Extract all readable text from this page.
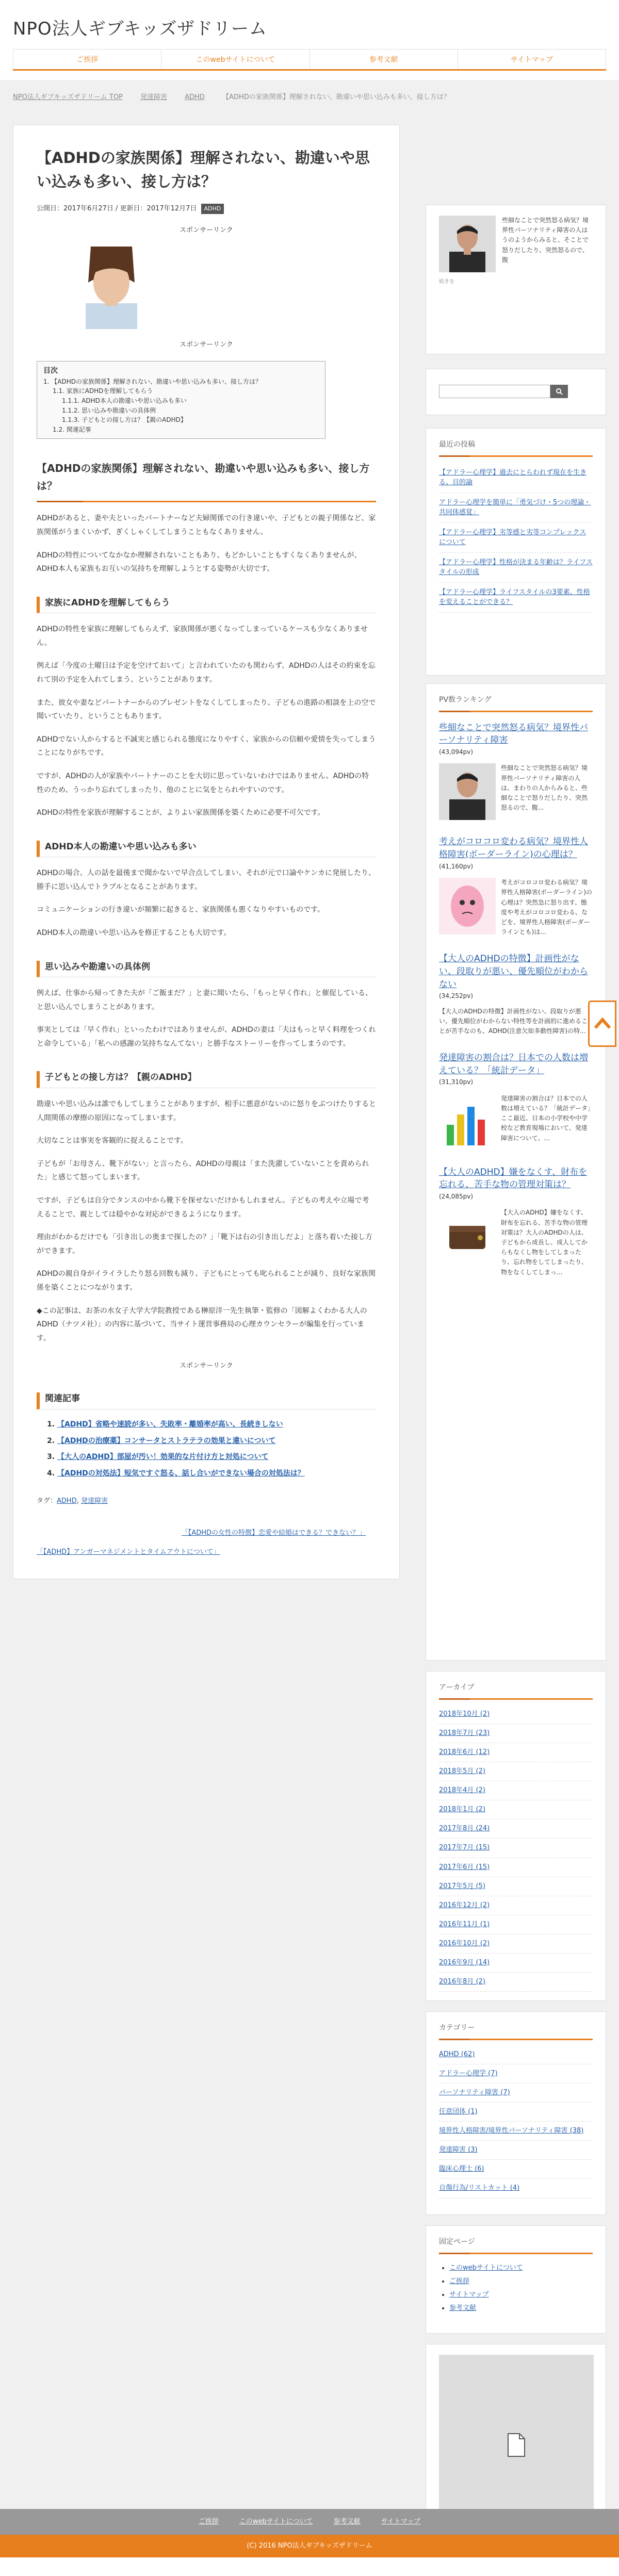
NPO法人ギブキッズザドリーム
ご挨拶	このwebサイトについて	参考文献	サイトマップ
NPO法人ギブキッズザドリーム TOP	発達障害	ADHD	【ADHDの家族関係】理解されない、勘違いや思い込みも多い、接し方は？
【ADHDの家族関係】理解されない、勘違いや思い込みも多い、接し方は？
公開日：2017年6月27日 / 更新日：2017年12月7日 ADHD
スポンサーリンク
スポンサーリンク
目次
1. 【ADHDの家族関係】理解されない、勘違いや思い込みも多い、接し方は？
1.1. 家族にADHDを理解してもらう
1.1.1. ADHD本人の勘違いや思い込みも多い
1.1.2. 思い込みや勘違いの具体例
1.1.3. 子どもとの接し方は？【親のADHD】
1.2. 関連記事
【ADHDの家族関係】理解されない、勘違いや思い込みも多い、接し方は？

ADHDがあると、妻や夫といったパートナーなど夫婦関係での行き違いや、子どもとの親子関係など、家族関係がうまくいかず、ぎくしゃくしてしまうこともなくありません。

ADHDの特性についてなかなか理解されないこともあり、もどかしいこともすくなくありませんが、ADHD本人も家族もお互いの気持ちを理解しようとする姿勢が大切です。

家族にADHDを理解してもらう

ADHDの特性を家族に理解してもらえず、家族関係が悪くなってしまっているケースも少なくありません。

例えば「今度の土曜日は予定を空けておいて」と言われていたのも関わらず、ADHDの人はその約束を忘れて別の予定を入れてしまう、ということがあります。

また、彼女や妻などパートナーからのプレゼントをなくしてしまったり、子どもの進路の相談を上の空で聞いていたり、ということもあります。

ADHDでない人からすると不誠実と感じられる態度になりやすく、家族からの信頼や愛情を失ってしまうことになりがちです。

ですが、ADHDの人が家族やパートナーのことを大切に思っていないわけではありません。ADHDの特性のため、うっかり忘れてしまったり、他のことに気をとられやすいのです。

ADHDの特性を家族が理解することが、よりよい家族関係を築くために必要不可欠です。

ADHD本人の勘違いや思い込みも多い

ADHDの場合、人の話を最後まで聞かないで早合点してしまい、それが元で口論やケンカに発展したり、勝手に思い込んでトラブルとなることがあります。

コミュニケーションの行き違いが頻繁に起きると、家族関係も悪くなりやすいものです。

ADHD本人の勘違いや思い込みを修正することも大切です。

思い込みや勘違いの具体例

例えば、仕事から帰ってきた夫が「ご飯まだ？」と妻に聞いたら、「もっと早く作れ」と催促している、と思い込んでしまうことがあります。

事実としては「早く作れ」といったわけではありませんが、ADHDの妻は「夫はもっと早く料理をつくれと命令している」「私への感謝の気持ちなんてない」と勝手なストーリーを作ってしまうのです。

子どもとの接し方は？【親のADHD】

勘違いや思い込みは誰でもしてしまうことがありますが、相手に悪意がないのに怒りをぶつけたりすると人間関係の摩擦の原因になってしまいます。

大切なことは事実を客観的に捉えることです。

子どもが「お母さん、靴下がない」と言ったら、ADHDの母親は「また洗濯していないことを責められた」と感じて怒ってしまいます。

ですが、子どもは自分でタンスの中から靴下を探せないだけかもしれません。子どもの考えや立場で考えることで、親としては穏やかな対応ができるようになります。

理由がわかるだけでも「引き出しの奥まで探したの？」「靴下は右の引き出しだよ」と落ち着いた接し方ができます。

ADHDの親自身がイライラしたり怒る回数も減り、子どもにとっても叱られることが減り、良好な家族関係を築くことにつながります。

◆この記事は、お茶の水女子大学大学院教授である榊原洋一先生執筆・監修の「図解よくわかる大人のADHD（ナツメ社）」の内容に基づいて、当サイト運営事務局の心理カウンセラーが編集を行っています。

スポンサーリンク
関連記事
1. 【ADHD】省略や速読が多い、失敗率・離婚率が高い、長続きしない
2. 【ADHDの治療薬】コンサータとストラテラの効果と違いについて
3. 【大人のADHD】部屋が汚い！効果的な片付け方と対処について
4. 【ADHDの対処法】短気ですぐ怒る、話し合いができない場合の対処法は？
タグ：ADHD, 発達障害
「【ADHDの女性の特徴】恋愛や結婚はできる？できない？」
「【ADHD】アンガーマネジメントとタイムアウトについて」
些細なことで突然怒る病気？境界性パーソナリティ障害の人はうのようからみると、そことで怒りだしたり、突然怒るので、腹
続きを
最近の投稿
【アドラー心理学】過去にとらわれず現在を生きる、目的論
アドラー心理学を簡単に「勇気づけ・5つの理論・共同体感覚」
【アドラー心理学】劣等感と劣等コンプレックスについて
【アドラー心理学】性格が決まる年齢は？ライフスタイルの形成
【アドラー心理学】ライフスタイルの3要素、性格を変えることができる？
PV数ランキング
些細なことで突然怒る病気？境界性パーソナリティ障害
(43,094pv)
些細なことで突然怒る病気？境界性パーソナリティ障害の人は、まわりの人からみると、些細なことで怒りだしたり、突然怒るので、腹...
考えがコロコロ変わる病気？境界性人格障害(ボーダーライン)の心理は？
(41,160pv)
考えがコロコロ変わる病気？境界性人格障害(ボーダーライン)の心理は？突然急に怒り出す、態度や考えがコロコロ変わる、などを、境界性人格障害(ボーダーラインとも)は...
【大人のADHDの特徴】計画性がない、段取りが悪い、優先順位がわからない
(34,252pv)
【大人のADHDの特徴】計画性がない、段取りが悪い、優先順位がわからない特性等を計画的に進めることが苦手なのも、ADHD(注意欠如多動性障害)の特...
発達障害の割合は？日本での人数は増えている？「統計データ」
(31,310pv)
発達障害の割合は？日本での人数は増えている？「統計データ」ここ最近、日本の小学校や中学校など教育現場において、発達障害について、...
【大人のADHD】嫌をなくす、財布を忘れる、苦手な物の管理対策は？
(24,085pv)
【大人のADHD】嫌をなくす、財布を忘れる、苦手な物の管理対策は？大人のADHDの人は、子どもから成長し、成人してからもなくし物をしてしまったり、忘れ物をしてしまったり、物をなくしてしまっ...
アーカイブ
2018年10月 (2)
2018年7月 (23)
2018年6月 (12)
2018年5月 (2)
2018年4月 (2)
2018年1月 (2)
2017年8月 (24)
2017年7月 (15)
2017年6月 (15)
2017年5月 (5)
2016年12月 (2)
2016年11月 (1)
2016年10月 (2)
2016年9月 (14)
2016年8月 (2)
カテゴリー
ADHD (62)
アドラー心理学 (7)
パーソナリティ障害 (7)
任意団体 (1)
境界性人格障害/境界性パーソナリティ障害 (38)
発達障害 (3)
臨床心理士 (6)
自傷行為/リストカット (4)
固定ページ
• このwebサイトについて
• ご挨拶
• サイトマップ
• 参考文献
ご挨拶	このwebサイトについて	参考文献	サイトマップ
(C) 2016 NPO法人ギブキッズザドリーム
